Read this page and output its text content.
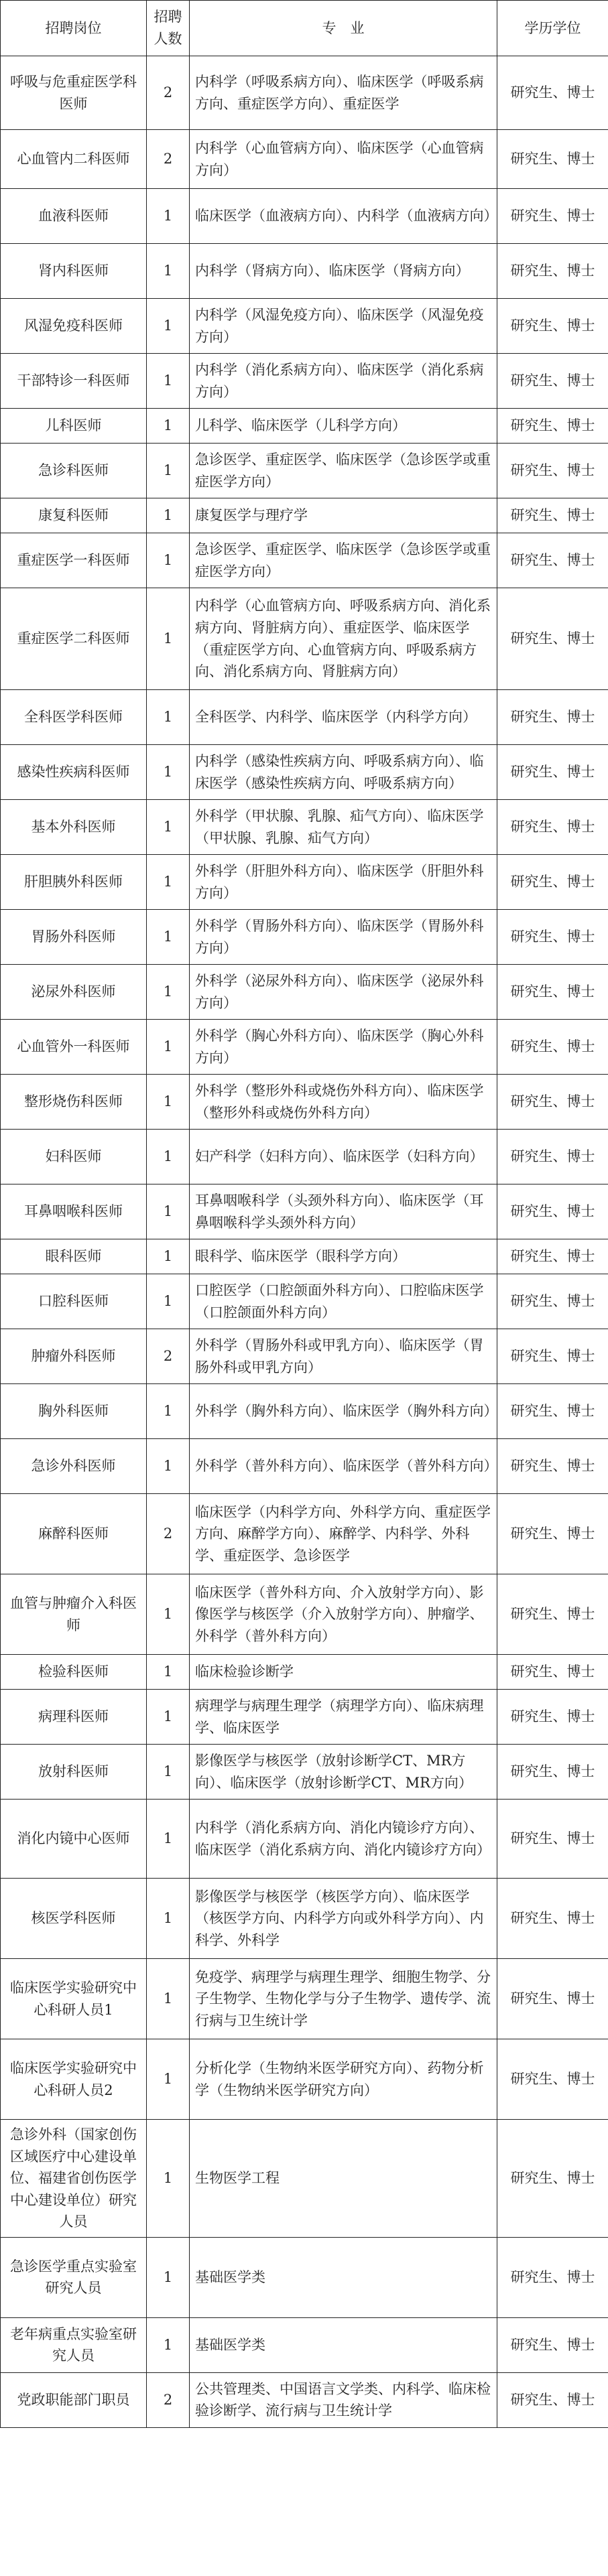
招聘岗位	招聘人数	专　业	学历学位
呼吸与危重症医学科医师	2	内科学（呼吸系病方向）、临床医学（呼吸系病方向、重症医学方向）、重症医学	研究生、博士
心血管内二科医师	2	内科学（心血管病方向）、临床医学（心血管病方向）	研究生、博士
血液科医师	1	临床医学（血液病方向）、内科学（血液病方向）	研究生、博士
肾内科医师	1	内科学（肾病方向）、临床医学（肾病方向）	研究生、博士
风湿免疫科医师	1	内科学（风湿免疫方向）、临床医学（风湿免疫方向）	研究生、博士
干部特诊一科医师	1	内科学（消化系病方向）、临床医学（消化系病方向）	研究生、博士
儿科医师	1	儿科学、临床医学（儿科学方向）	研究生、博士
急诊科医师	1	急诊医学、重症医学、临床医学（急诊医学或重症医学方向）	研究生、博士
康复科医师	1	康复医学与理疗学	研究生、博士
重症医学一科医师	1	急诊医学、重症医学、临床医学（急诊医学或重症医学方向）	研究生、博士
重症医学二科医师	1	内科学（心血管病方向、呼吸系病方向、消化系病方向、肾脏病方向）、重症医学、临床医学（重症医学方向、心血管病方向、呼吸系病方向、消化系病方向、肾脏病方向）	研究生、博士
全科医学科医师	1	全科医学、内科学、临床医学（内科学方向）	研究生、博士
感染性疾病科医师	1	内科学（感染性疾病方向、呼吸系病方向）、临床医学（感染性疾病方向、呼吸系病方向）	研究生、博士
基本外科医师	1	外科学（甲状腺、乳腺、疝气方向）、临床医学（甲状腺、乳腺、疝气方向）	研究生、博士
肝胆胰外科医师	1	外科学（肝胆外科方向）、临床医学（肝胆外科方向）	研究生、博士
胃肠外科医师	1	外科学（胃肠外科方向）、临床医学（胃肠外科方向）	研究生、博士
泌尿外科医师	1	外科学（泌尿外科方向）、临床医学（泌尿外科方向）	研究生、博士
心血管外一科医师	1	外科学（胸心外科方向）、临床医学（胸心外科方向）	研究生、博士
整形烧伤科医师	1	外科学（整形外科或烧伤外科方向）、临床医学（整形外科或烧伤外科方向）	研究生、博士
妇科医师	1	妇产科学（妇科方向）、临床医学（妇科方向）	研究生、博士
耳鼻咽喉科医师	1	耳鼻咽喉科学（头颈外科方向）、临床医学（耳鼻咽喉科学头颈外科方向）	研究生、博士
眼科医师	1	眼科学、临床医学（眼科学方向）	研究生、博士
口腔科医师	1	口腔医学（口腔颌面外科方向）、口腔临床医学（口腔颌面外科方向）	研究生、博士
肿瘤外科医师	2	外科学（胃肠外科或甲乳方向）、临床医学（胃肠外科或甲乳方向）	研究生、博士
胸外科医师	1	外科学（胸外科方向）、临床医学（胸外科方向）	研究生、博士
急诊外科医师	1	外科学（普外科方向）、临床医学（普外科方向）	研究生、博士
麻醉科医师	2	临床医学（内科学方向、外科学方向、重症医学方向、麻醉学方向）、麻醉学、内科学、外科学、重症医学、急诊医学	研究生、博士
血管与肿瘤介入科医师	1	临床医学（普外科方向、介入放射学方向）、影像医学与核医学（介入放射学方向）、肿瘤学、外科学（普外科方向）	研究生、博士
检验科医师	1	临床检验诊断学	研究生、博士
病理科医师	1	病理学与病理生理学（病理学方向）、临床病理学、临床医学	研究生、博士
放射科医师	1	影像医学与核医学（放射诊断学CT、MR方向）、临床医学（放射诊断学CT、MR方向）	研究生、博士
消化内镜中心医师	1	内科学（消化系病方向、消化内镜诊疗方向）、临床医学（消化系病方向、消化内镜诊疗方向）	研究生、博士
核医学科医师	1	影像医学与核医学（核医学方向）、临床医学（核医学方向、内科学方向或外科学方向）、内科学、外科学	研究生、博士
临床医学实验研究中心科研人员1	1	免疫学、病理学与病理生理学、细胞生物学、分子生物学、生物化学与分子生物学、遗传学、流行病与卫生统计学	研究生、博士
临床医学实验研究中心科研人员2	1	分析化学（生物纳米医学研究方向）、药物分析学（生物纳米医学研究方向）	研究生、博士
急诊外科（国家创伤区域医疗中心建设单位、福建省创伤医学中心建设单位）研究人员	1	生物医学工程	研究生、博士
急诊医学重点实验室研究人员	1	基础医学类	研究生、博士
老年病重点实验室研究人员	1	基础医学类	研究生、博士
党政职能部门职员	2	公共管理类、中国语言文学类、内科学、临床检验诊断学、流行病与卫生统计学	研究生、博士
